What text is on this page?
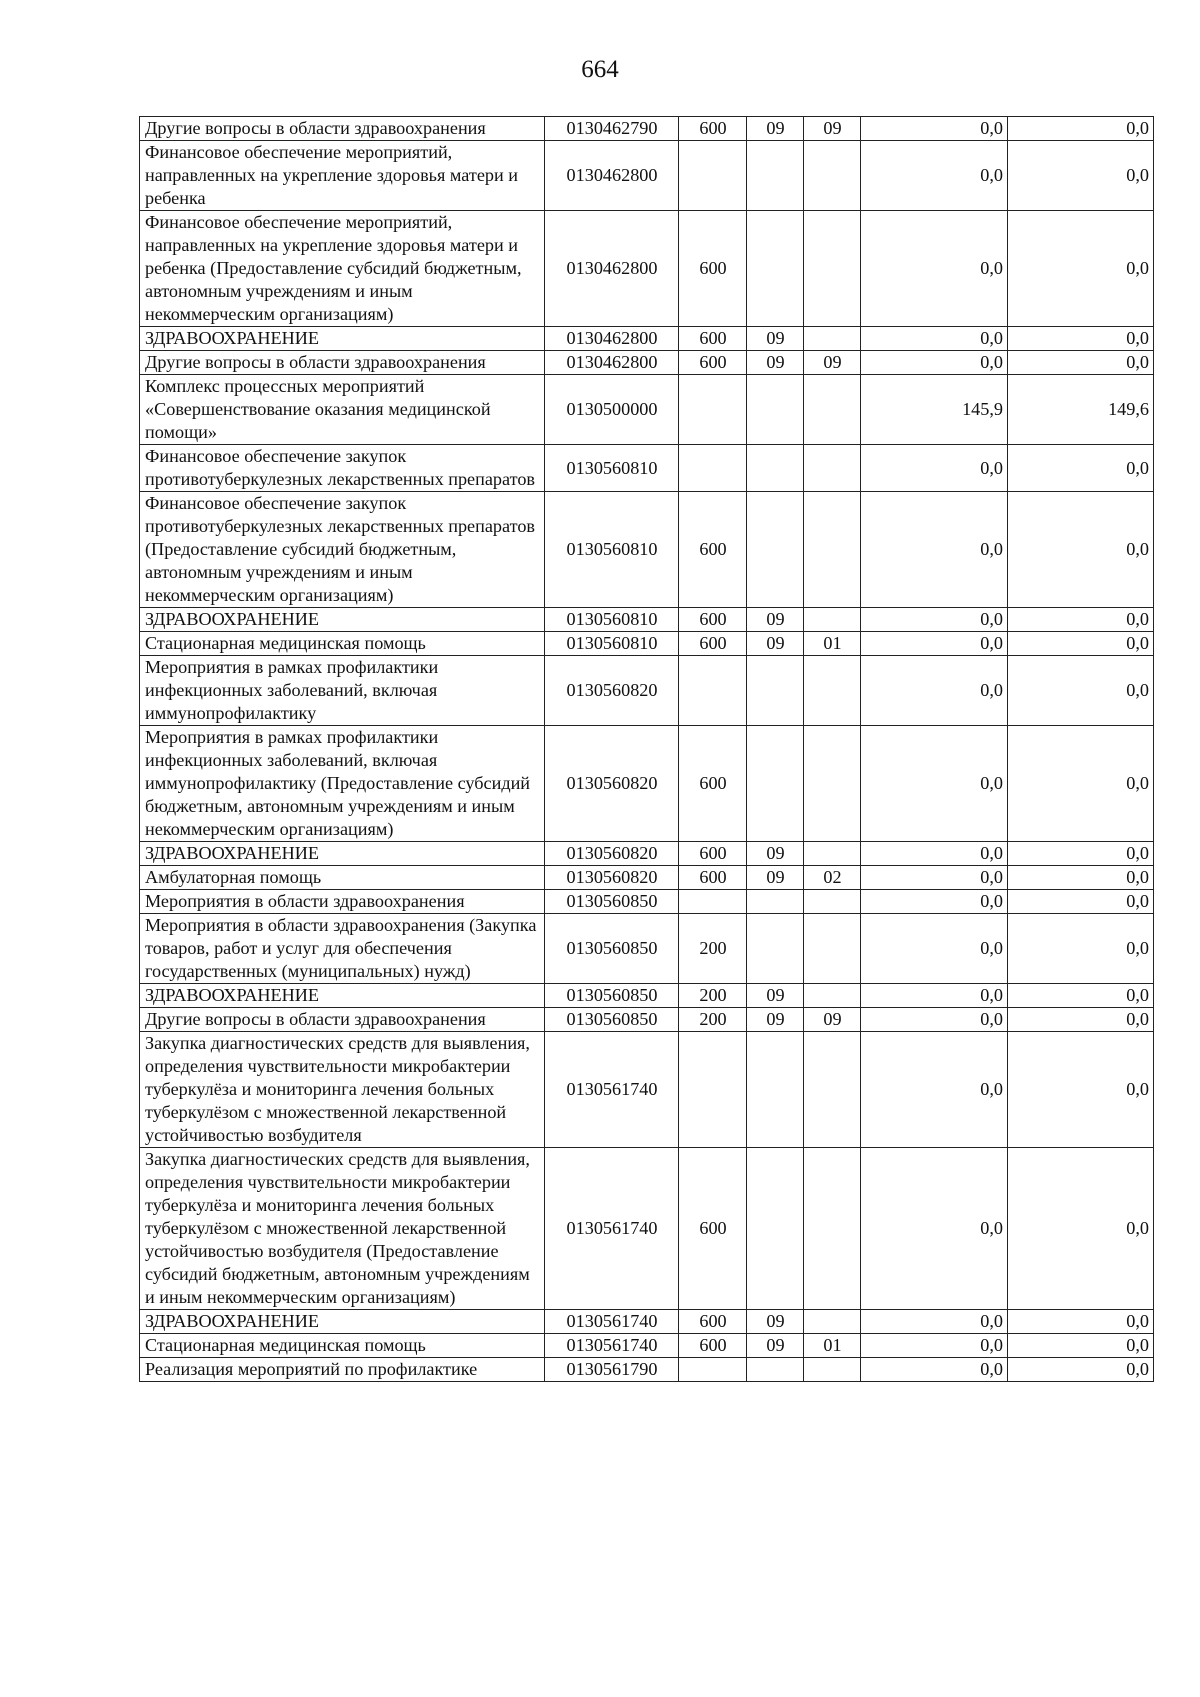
664
Другие вопросы в области здравоохранения	0130462790	600	09	09	0,0	0,0
Финансовое обеспечение мероприятий, направленных на укрепление здоровья матери и ребенка	0130462800				0,0	0,0
Финансовое обеспечение мероприятий, направленных на укрепление здоровья матери и ребенка (Предоставление субсидий бюджетным, автономным учреждениям и иным некоммерческим организациям)	0130462800	600			0,0	0,0
ЗДРАВООХРАНЕНИЕ	0130462800	600	09		0,0	0,0
Другие вопросы в области здравоохранения	0130462800	600	09	09	0,0	0,0
Комплекс процессных мероприятий «Совершенствование оказания медицинской помощи»	0130500000				145,9	149,6
Финансовое обеспечение закупок противотуберкулезных лекарственных препаратов	0130560810				0,0	0,0
Финансовое обеспечение закупок противотуберкулезных лекарственных препаратов (Предоставление субсидий бюджетным, автономным учреждениям и иным некоммерческим организациям)	0130560810	600			0,0	0,0
ЗДРАВООХРАНЕНИЕ	0130560810	600	09		0,0	0,0
Стационарная медицинская помощь	0130560810	600	09	01	0,0	0,0
Мероприятия в рамках профилактики инфекционных заболеваний, включая иммунопрофилактику	0130560820				0,0	0,0
Мероприятия в рамках профилактики инфекционных заболеваний, включая иммунопрофилактику (Предоставление субсидий бюджетным, автономным учреждениям и иным некоммерческим организациям)	0130560820	600			0,0	0,0
ЗДРАВООХРАНЕНИЕ	0130560820	600	09		0,0	0,0
Амбулаторная помощь	0130560820	600	09	02	0,0	0,0
Мероприятия в области здравоохранения	0130560850				0,0	0,0
Мероприятия в области здравоохранения (Закупка товаров, работ и услуг для обеспечения государственных (муниципальных) нужд)	0130560850	200			0,0	0,0
ЗДРАВООХРАНЕНИЕ	0130560850	200	09		0,0	0,0
Другие вопросы в области здравоохранения	0130560850	200	09	09	0,0	0,0
Закупка диагностических средств для выявления, определения чувствительности микробактерии туберкулёза и мониторинга лечения больных туберкулёзом с множественной лекарственной устойчивостью возбудителя	0130561740				0,0	0,0
Закупка диагностических средств для выявления, определения чувствительности микробактерии туберкулёза и мониторинга лечения больных туберкулёзом с множественной лекарственной устойчивостью возбудителя (Предоставление субсидий бюджетным, автономным учреждениям и иным некоммерческим организациям)	0130561740	600			0,0	0,0
ЗДРАВООХРАНЕНИЕ	0130561740	600	09		0,0	0,0
Стационарная медицинская помощь	0130561740	600	09	01	0,0	0,0
Реализация мероприятий по профилактике	0130561790				0,0	0,0
